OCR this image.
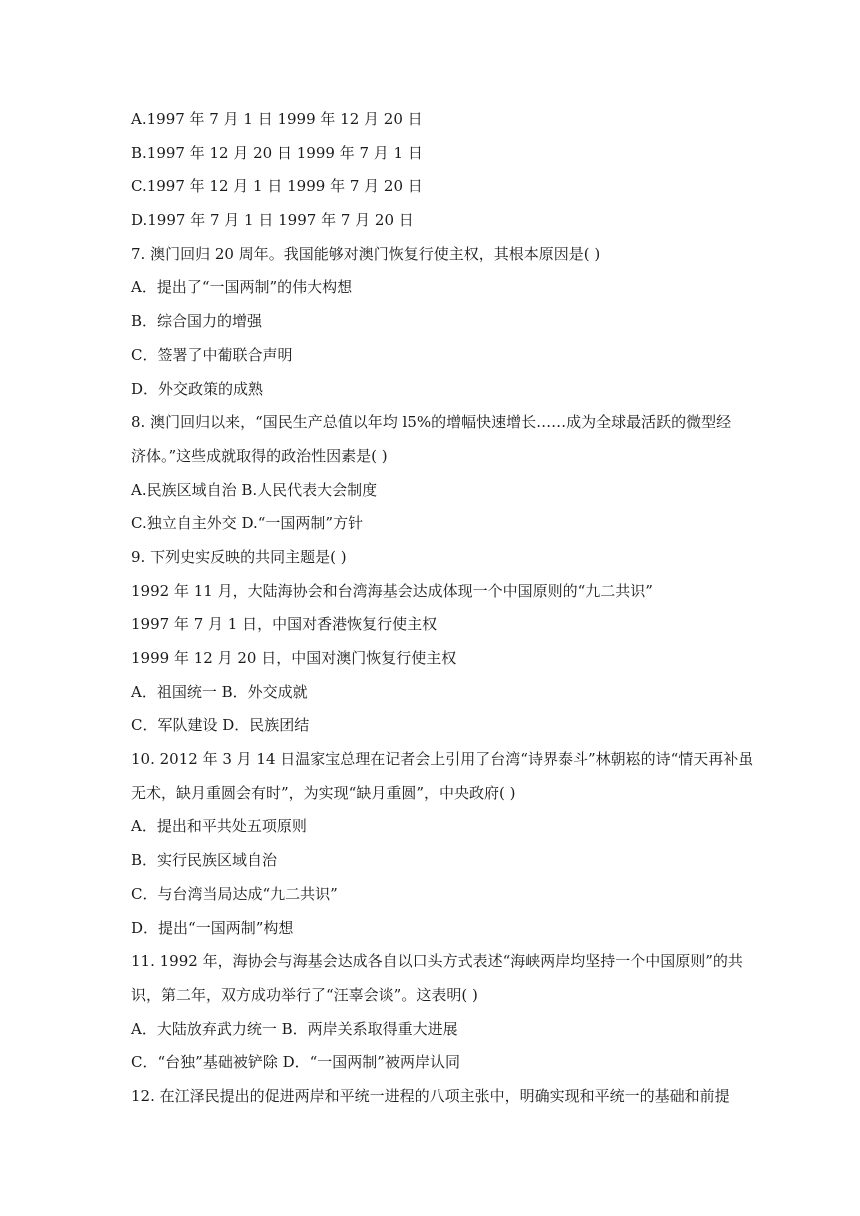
A.1997 年 7 月 1 日 1999 年 12 月 20 日
B.1997 年 12 月 20 日 1999 年 7 月 1 日
C.1997 年 12 月 1 日 1999 年 7 月 20 日
D.1997 年 7 月 1 日 1997 年 7 月 20 日
7. 澳门回归 20 周年。我国能够对澳门恢复行使主权，其根本原因是( )
A．提出了“一国两制”的伟大构想
B．综合国力的增强
C．签署了中葡联合声明
D．外交政策的成熟
8. 澳门回归以来，“国民生产总值以年均 l5%的增幅快速增长……成为全球最活跃的微型经
济体。”这些成就取得的政治性因素是( )
A.民族区域自治 B.人民代表大会制度
C.独立自主外交 D.“一国两制”方针
9. 下列史实反映的共同主题是( )
1992 年 11 月，大陆海协会和台湾海基会达成体现一个中国原则的“九二共识”
1997 年 7 月 1 日，中国对香港恢复行使主权
1999 年 12 月 20 日，中国对澳门恢复行使主权
A．祖国统一 B．外交成就
C．军队建设 D．民族团结
10. 2012 年 3 月 14 日温家宝总理在记者会上引用了台湾“诗界泰斗”林朝崧的诗“情天再补虽
无术，缺月重圆会有时”，为实现“缺月重圆”，中央政府( )
A．提出和平共处五项原则
B．实行民族区域自治
C．与台湾当局达成“九二共识”
D．提出“一国两制”构想
11. 1992 年，海协会与海基会达成各自以口头方式表述“海峡两岸均坚持一个中国原则”的共
识，第二年，双方成功举行了“汪辜会谈”。这表明( )
A．大陆放弃武力统一 B．两岸关系取得重大进展
C．“台独”基础被铲除 D．“一国两制”被两岸认同
12. 在江泽民提出的促进两岸和平统一进程的八项主张中，明确实现和平统一的基础和前提
